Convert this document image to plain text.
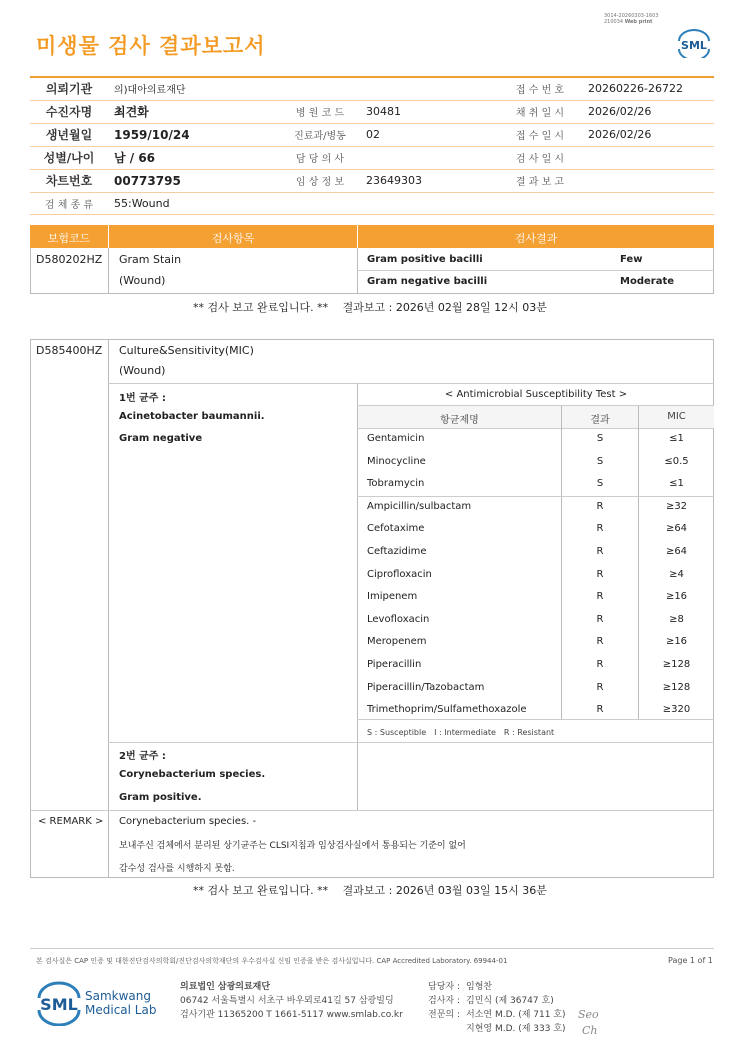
미생물 검사 결과보고서
3014-20260303-1603
210034 Web print
SML
의뢰기관	의)대아의료재단			접 수 번 호	20260226-26722
수진자명	최견화	병 원 코 드	30481	채 취 일 시	2026/02/26
생년월일	1959/10/24	진료과/병동	02	접 수 일 시	2026/02/26
성별/나이	남 / 66	담 당 의 사		검 사 일 시	
차트번호	00773795	임 상 정 보	23649303	결 과 보 고	
검 체 종 류	55:Wound				
보험코드	검사항목	검사결과
D580202HZ Gram Stain
(Wound)
Gram positive bacilli	Few
Gram negative bacilli	Moderate
** 검사 보고 완료입니다. **　 결과보고 : 2026년 02월 28일 12시 03분
D585400HZ Culture&Sensitivity(MIC)
(Wound)
1번 균주 :
Acinetobacter baumannii.
Gram negative
< Antimicrobial Susceptibility Test >
항균제명	결과	MIC
Gentamicin	S	≤1
Minocycline	S	≤0.5
Tobramycin	S	≤1
Ampicillin/sulbactam	R	≥32
Cefotaxime	R	≥64
Ceftazidime	R	≥64
Ciprofloxacin	R	≥4
Imipenem	R	≥16
Levofloxacin	R	≥8
Meropenem	R	≥16
Piperacillin	R	≥128
Piperacillin/Tazobactam	R	≥128
Trimethoprim/Sulfamethoxazole	R	≥320
S : Susceptible　I : Intermediate　R : Resistant
2번 균주 :
Corynebacterium species.
Gram positive.
< REMARK > Corynebacterium species. -
보내주신 검체에서 분리된 상기균주는 CLSI지침과 임상검사실에서 통용되는 기준이 없어
감수성 검사를 시행하지 못함.
** 검사 보고 완료입니다. **　 결과보고 : 2026년 03월 03일 15시 36분
본 검사실은 CAP 인증 및 대한진단검사의학회/진단검사의학재단의 우수검사실 신임 인증을 받은 검사실입니다. CAP Accredited Laboratory. 69944-01	Page 1 of 1
SML Samkwang
Medical Lab
의료법인 삼광의료재단
06742 서울특별시 서초구 바우뫼로41길 57 삼광빌딩
검사기관 11365200 T 1661-5117 www.smlab.co.kr
담당자 : 임형찬
검사자 : 김민식 (제 36747 호)
전문의 : 서소연 M.D. (제 711 호)
지현영 M.D. (제 333 호)
Seo
Ch
